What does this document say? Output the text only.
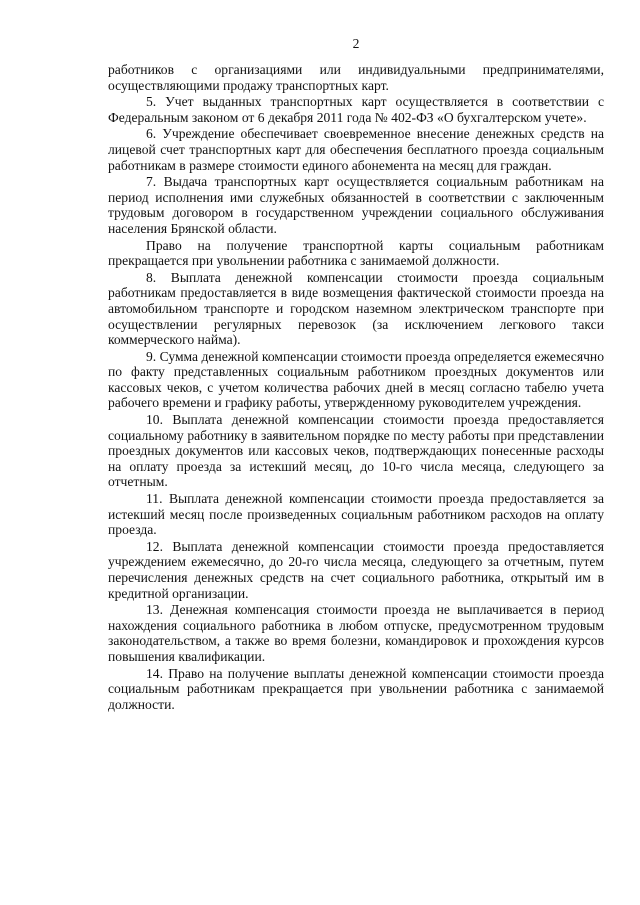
2

работников с организациями или индивидуальными предпринимателями, осуществляющими продажу транспортных карт.

5. Учет выданных транспортных карт осуществляется в соответствии с Федеральным законом от 6 декабря 2011 года № 402-ФЗ «О бухгалтерском учете».

6. Учреждение обеспечивает своевременное внесение денежных средств на лицевой счет транспортных карт для обеспечения бесплатного проезда социальным работникам в размере стоимости единого абонемента на месяц для граждан.

7. Выдача транспортных карт осуществляется социальным работникам на период исполнения ими служебных обязанностей в соответствии с заключенным трудовым договором в государственном учреждении социального обслуживания населения Брянской области.

Право на получение транспортной карты социальным работникам прекращается при увольнении работника с занимаемой должности.

8. Выплата денежной компенсации стоимости проезда социальным работникам предоставляется в виде возмещения фактической стоимости проезда на автомобильном транспорте и городском наземном электрическом транспорте при осуществлении регулярных перевозок (за исключением легкового такси коммерческого найма).

9. Сумма денежной компенсации стоимости проезда определяется ежемесячно по факту представленных социальным работником проездных документов или кассовых чеков, с учетом количества рабочих дней в месяц согласно табелю учета рабочего времени и графику работы, утвержденному руководителем учреждения.

10. Выплата денежной компенсации стоимости проезда предоставляется социальному работнику в заявительном порядке по месту работы при представлении проездных документов или кассовых чеков, подтверждающих понесенные расходы на оплату проезда за истекший месяц, до 10-го числа месяца, следующего за отчетным.

11. Выплата денежной компенсации стоимости проезда предоставляется за истекший месяц после произведенных социальным работником расходов на оплату проезда.

12. Выплата денежной компенсации стоимости проезда предоставляется учреждением ежемесячно, до 20-го числа месяца, следующего за отчетным, путем перечисления денежных средств на счет социального работника, открытый им в кредитной организации.

13. Денежная компенсация стоимости проезда не выплачивается в период нахождения социального работника в любом отпуске, предусмотренном трудовым законодательством, а также во время болезни, командировок и прохождения курсов повышения квалификации.

14. Право на получение выплаты денежной компенсации стоимости проезда социальным работникам прекращается при увольнении работника с занимаемой должности.
